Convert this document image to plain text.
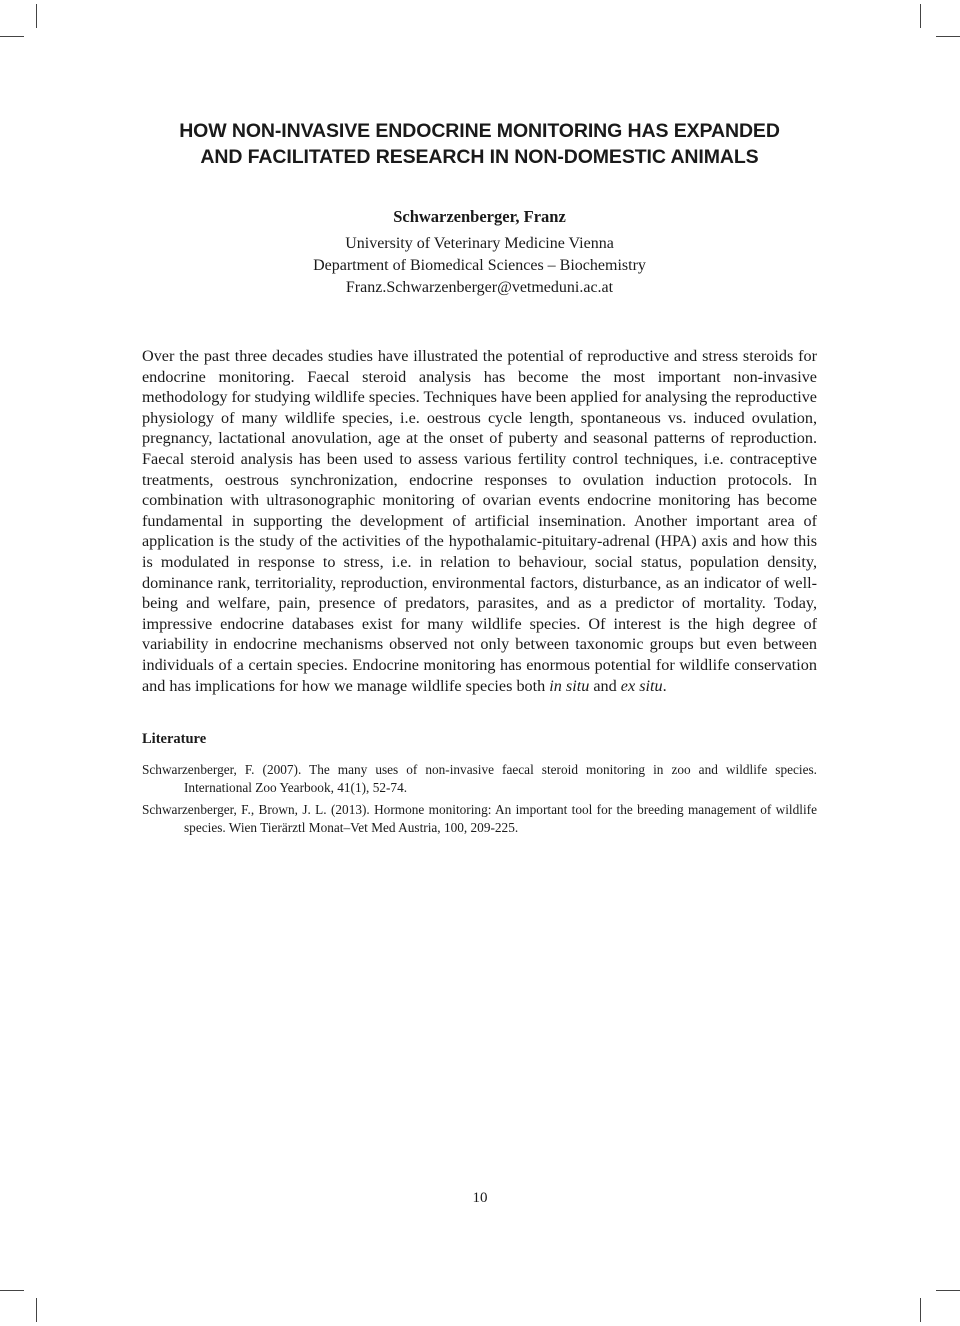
HOW NON-INVASIVE ENDOCRINE MONITORING HAS EXPANDED
AND FACILITATED RESEARCH IN NON-DOMESTIC ANIMALS
Schwarzenberger, Franz
University of Veterinary Medicine Vienna
Department of Biomedical Sciences – Biochemistry
Franz.Schwarzenberger@vetmeduni.ac.at

Over the past three decades studies have illustrated the potential of reproductive and stress steroids for endocrine monitoring. Faecal steroid analysis has become the most important non-invasive methodology for studying wildlife species. Techniques have been applied for analysing the reproductive physiology of many wildlife species, i.e. oestrous cycle length, spontaneous vs. induced ovulation, pregnancy, lactational anovulation, age at the onset of puberty and seasonal patterns of reproduction. Faecal steroid analysis has been used to assess various fertility control techniques, i.e. contraceptive treatments, oestrous synchronization, endocrine responses to ovulation induction protocols. In combination with ultrasonographic monitoring of ovarian events endocrine monitoring has become fundamental in supporting the development of artificial insemination. Another important area of application is the study of the activities of the hypothalamic-pituitary-adrenal (HPA) axis and how this is modulated in response to stress, i.e. in relation to behaviour, social status, population density, dominance rank, territoriality, reproduction, environmental factors, disturbance, as an indicator of well-being and welfare, pain, presence of predators, parasites, and as a predictor of mortality. Today, impressive endocrine databases exist for many wildlife species. Of interest is the high degree of variability in endocrine mechanisms observed not only between taxonomic groups but even between individuals of a certain species. Endocrine monitoring has enormous potential for wildlife conservation and has implications for how we manage wildlife species both in situ and ex situ.

Literature
Schwarzenberger, F. (2007). The many uses of non-invasive faecal steroid monitoring in zoo and wildlife species. International Zoo Yearbook, 41(1), 52-74.
Schwarzenberger, F., Brown, J. L. (2013). Hormone monitoring: An important tool for the breeding management of wildlife species. Wien Tierärztl Monat–Vet Med Austria, 100, 209-225.
10
